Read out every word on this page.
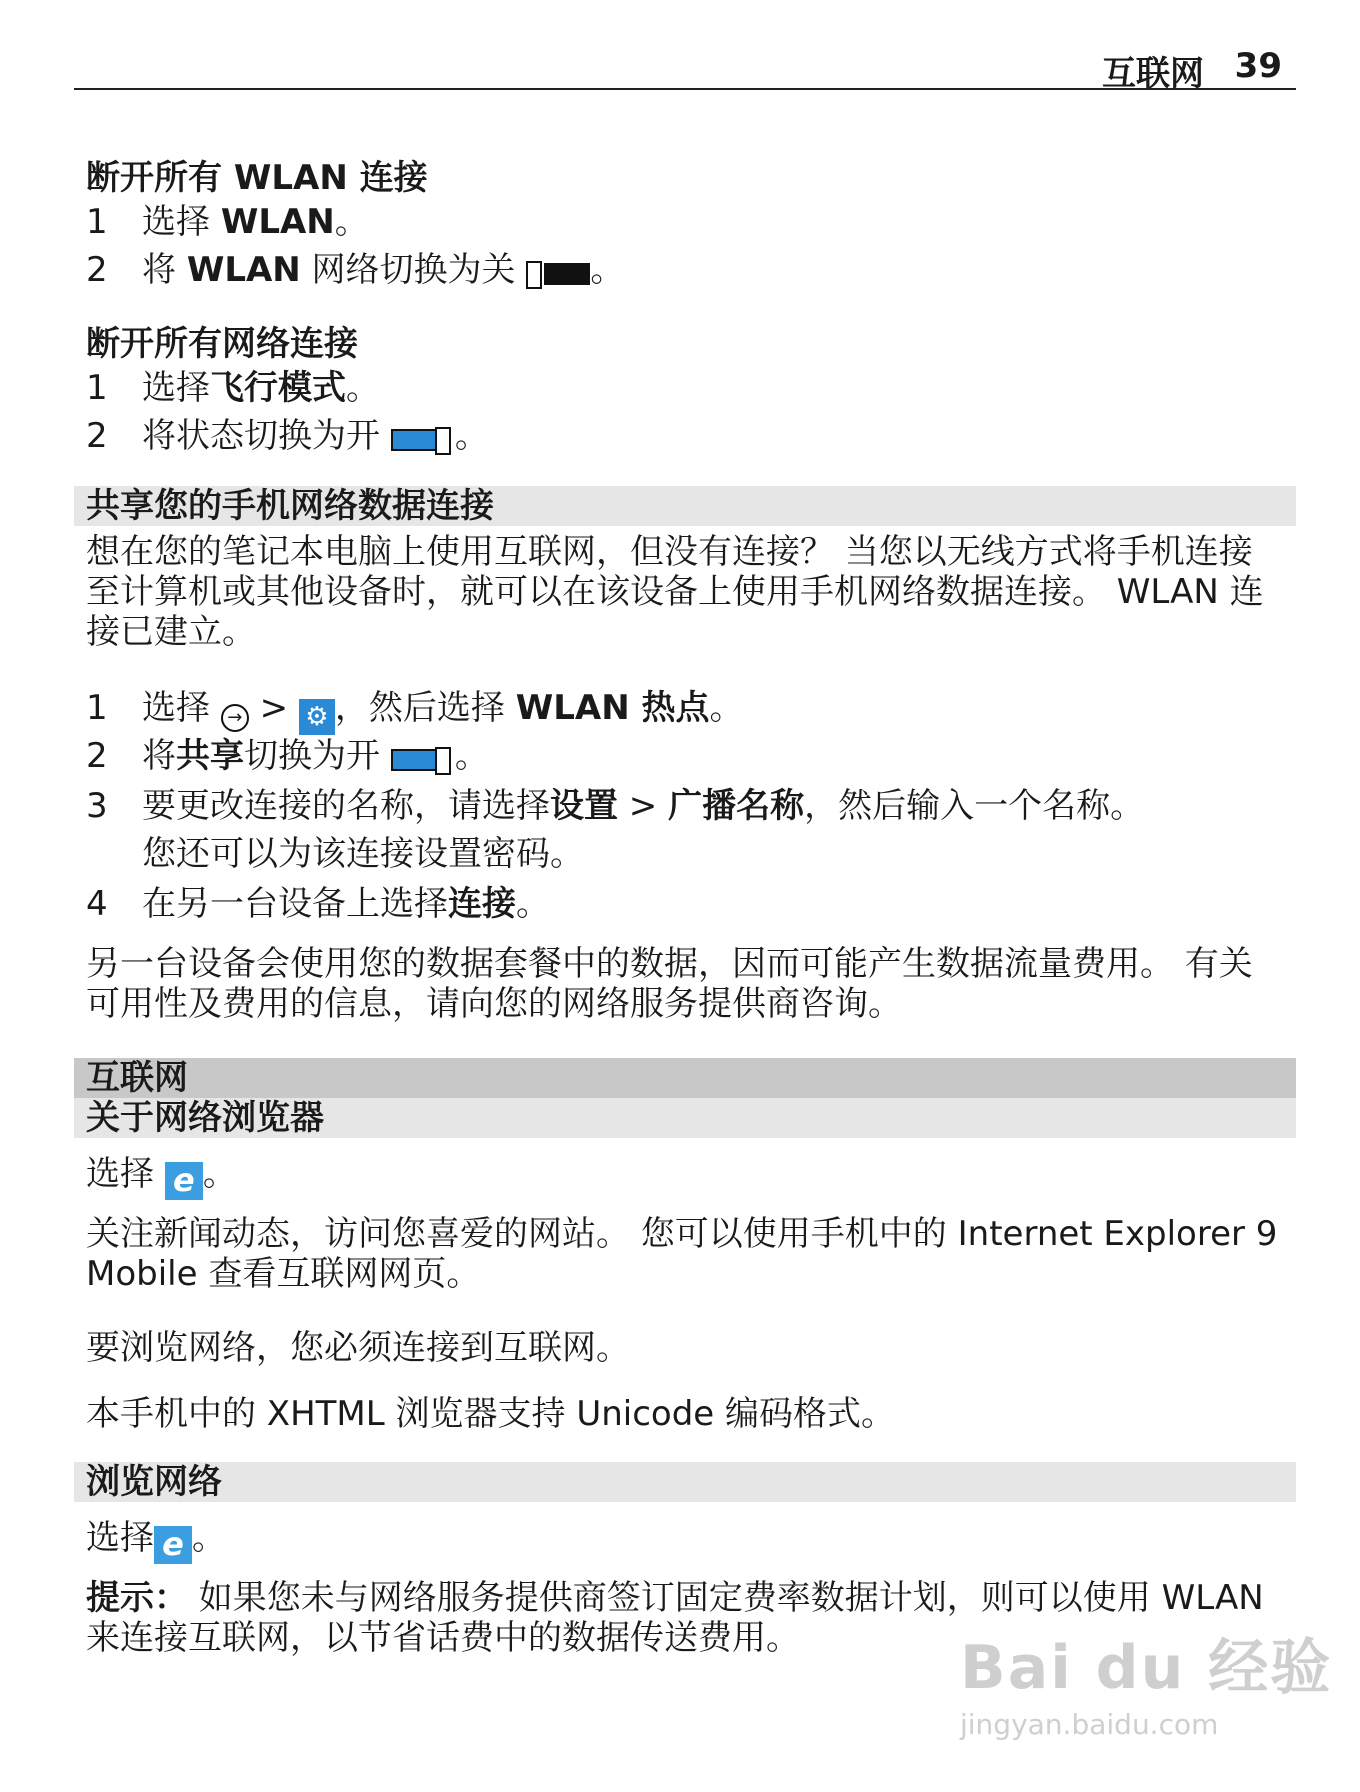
互联网 39
断开所有 WLAN 连接
1 选择 WLAN。
2 将 WLAN 网络切换为关
。
断开所有网络连接
1 选择飞行模式。
2 将状态切换为开
。
共享您的手机网络数据连接
想在您的笔记本电脑上使用互联网，但没有连接？ 当您以无线方式将手机连接至计算机或其他设备时，就可以在该设备上使用手机网络数据连接。 WLAN 连接已建立。
1 选择 → > ⚙ ，然后选择 WLAN 热点。
2 将共享切换为开
。
3 要更改连接的名称，请选择设置 > 广播名称，然后输入一个名称。
您还可以为该连接设置密码。
4 在另一台设备上选择连接。
另一台设备会使用您的数据套餐中的数据，因而可能产生数据流量费用。 有关可用性及费用的信息，请向您的网络服务提供商咨询。
互联网
关于网络浏览器
选择 e 。
关注新闻动态，访问您喜爱的网站。 您可以使用手机中的 Internet Explorer 9 Mobile 查看互联网网页。
要浏览网络，您必须连接到互联网。
本手机中的 XHTML 浏览器支持 Unicode 编码格式。
浏览网络
选择 e 。
提示： 如果您未与网络服务提供商签订固定费率数据计划，则可以使用 WLAN 来连接互联网，以节省话费中的数据传送费用。	Bai du 经验
jingyan.baidu.com
